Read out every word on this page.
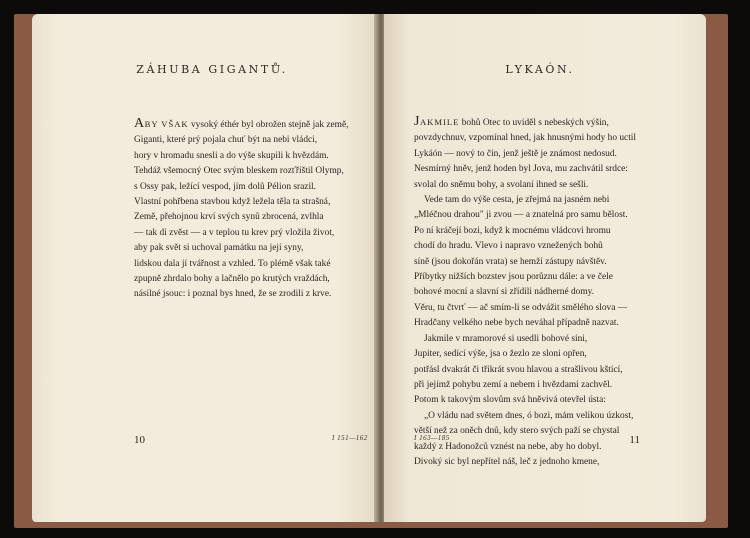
ZÁHUBA GIGANTŮ.
ABY VŠAK vysoký éthér byl obrožen stejně jak země,
Giganti, které prý pojala chuť být na nebi vládci,
hory v hromadu snesli a do výše skupili k hvězdám.
Tehdáž všemocný Otec svým bleskem rozťříštil Olymp,
s Ossy pak, ležící vespod, jím dolů Pélion srazil.
Vlastní pohřbena stavbou když ležela těla ta strašná,
Země, přehojnou krví svých synů zbrocená, zvlhla
— tak di zvěst — a v teplou tu krev prý vložila život,
aby pak svět si uchoval památku na její syny,
lidskou dala jí tvářnost a vzhled. To plémě však také
zpupně zhrdalo bohy a lačnělo po krutých vraždách,
násilné jsouc: i poznal bys hned, že se zrodili z krve.
I 151—162
10
LYKAÓN.
JAKMILE bohů Otec to uviděl s nebeských výšin,
povzdychnuv, vzpomínal hned, jak hnusnými hody ho uctil
Lykáón — nový to čin, jenž ještě je známost nedosud.
Nesmírný hněv, jenž hoden byl Jova, mu zachvátil srdce:
svolal do sněmu bohy, a svolaní ihned se sešli.
Vede tam do výše cesta, je zřejmá na jasném nebi
„Mléčnou drahou" ji zvou — a znatelná pro samu bělost.
Po ní kráčejí bozi, když k mocnému vládcovi hromu
chodí do hradu. Vlevo i napravo vznežených bohů
síně (jsou dokořán vrata) se hemží zástupy návštěv.
Příbytky nižších bozstev jsou porůznu dále: a ve čele
bohové mocní a slavní si zřídili nádherné domy.
Věru, tu čtvrť — ač smím-li se odvážit smělého slova —
Hradčany velkého nebe bych neváhal případně nazvat.
Jakmile v mramorové si usedli bohové síni,
Jupiter, sedící výše, jsa o žezlo ze sloni opřen,
potřásl dvakrát či třikrát svou hlavou a strašlivou kštící,
při jejímž pohybu zemí a nebem i hvězdami zachvěl.
Potom k takovým slovům svá hněvivá otevřel ústa:
„O vládu nad světem dnes, ó bozi, mám velikou úzkost,
větší než za oněch dnů, kdy stero svých paží se chystal
každý z Hadonožců vznést na nebe, aby ho dobyl.
Divoký sic byl nepřítel náš, leč z jednoho kmene,
I 163—185	11
